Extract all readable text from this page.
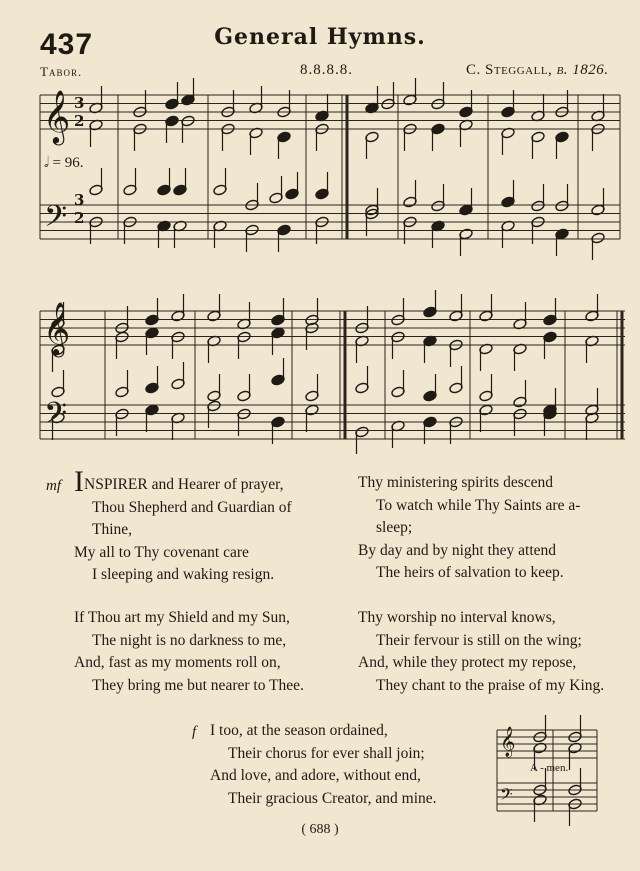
437	General Hymns.
Tabor.	8.8.8.8.	C. Steggall, b. 1826.
𝄞
𝄢
𝄞
𝄢
3
2
3
2
𝅗𝅥 = 96.
𝄞
𝄢
A - men.
mf INSPIRER and Hearer of prayer,
Thou Shepherd and Guardian of
Thine,
My all to Thy covenant care
I sleeping and waking resign.
If Thou art my Shield and my Sun,
The night is no darkness to me,
And, fast as my moments roll on,
They bring me but nearer to Thee.
Thy ministering spirits descend
To watch while Thy Saints are a-
sleep;
By day and by night they attend
The heirs of salvation to keep.
Thy worship no interval knows,
Their fervour is still on the wing;
And, while they protect my repose,
They chant to the praise of my King.
f I too, at the season ordained,
Their chorus for ever shall join;
And love, and adore, without end,
Their gracious Creator, and mine.
( 688 )
